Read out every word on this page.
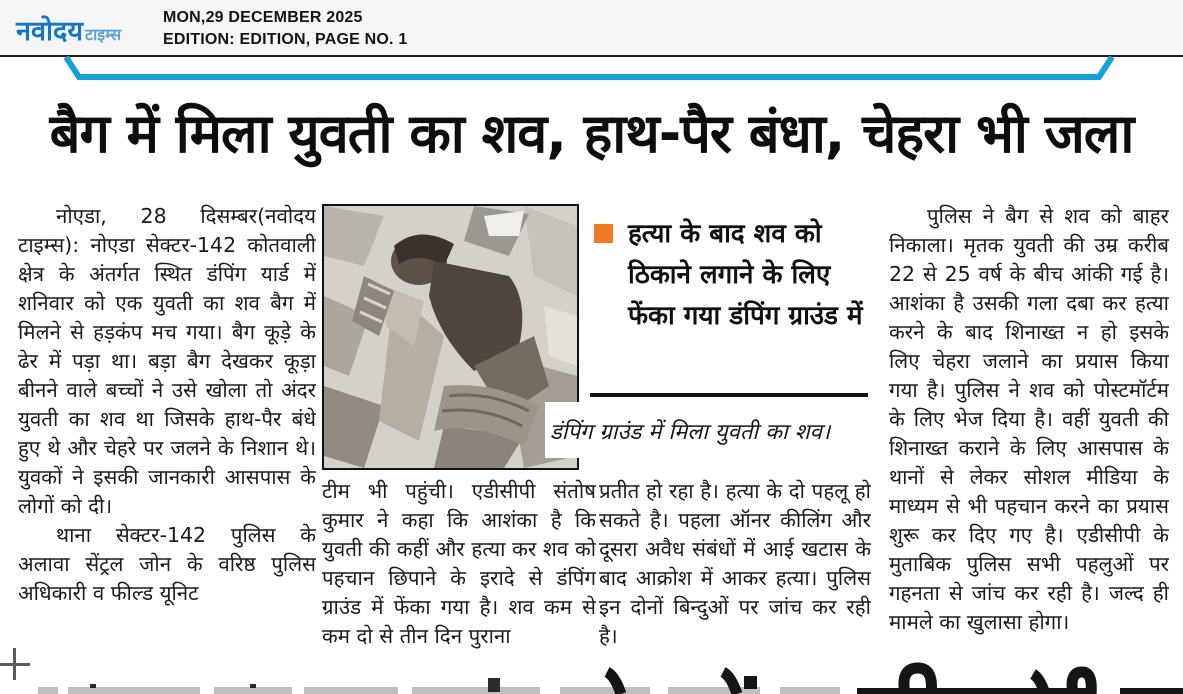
नवोदय टाइम्स
MON,29 DECEMBER 2025
EDITION: EDITION, PAGE NO. 1
बैग में मिला युवती का शव, हाथ-पैर बंधा, चेहरा भी जला

नोएडा, 28 दिसम्बर(नवोदय टाइम्स): नोएडा सेक्टर-142 कोतवाली क्षेत्र के अंतर्गत स्थित डंपिंग यार्ड में शनिवार को एक युवती का शव बैग में मिलने से हड़कंप मच गया। बैग कूड़े के ढेर में पड़ा था। बड़ा बैग देखकर कूड़ा बीनने वाले बच्चों ने उसे खोला तो अंदर युवती का शव था जिसके हाथ-पैर बंधे हुए थे और चेहरे पर जलने के निशान थे। युवकों ने इसकी जानकारी आसपास के लोगों को दी।

थाना सेक्टर-142 पुलिस के अलावा सेंट्रल जोन के वरिष्ठ पुलिस अधिकारी व फील्ड यूनिट

हत्या के बाद शव को ठिकाने लगाने के लिए फेंका गया डंपिंग ग्राउंड में
डंपिंग ग्राउंड में मिला युवती का शव।

टीम भी पहुंची। एडीसीपी संतोष कुमार ने कहा कि आशंका है कि युवती की कहीं और हत्या कर शव को पहचान छिपाने के इरादे से डंपिंग ग्राउंड में फेंका गया है। शव कम से कम दो से तीन दिन पुराना

प्रतीत हो रहा है। हत्या के दो पहलू हो सकते है। पहला ऑनर कीलिंग और दूसरा अवैध संबंधों में आई खटास के बाद आक्रोश में आकर हत्या। पुलिस इन दोनों बिन्दुओं पर जांच कर रही है।

पुलिस ने बैग से शव को बाहर निकाला। मृतक युवती की उम्र करीब 22 से 25 वर्ष के बीच आंकी गई है। आशंका है उसकी गला दबा कर हत्या करने के बाद शिनाख्त न हो इसके लिए चेहरा जलाने का प्रयास किया गया है। पुलिस ने शव को पोस्टमॉर्टम के लिए भेज दिया है। वहीं युवती की शिनाख्त कराने के लिए आसपास के थानों से लेकर सोशल मीडिया के माध्यम से भी पहचान करने का प्रयास शुरू कर दिए गए है। एडीसीपी के मुताबिक पुलिस सभी पहलुओं पर गहनता से जांच कर रही है। जल्द ही मामले का खुलासा होगा।
